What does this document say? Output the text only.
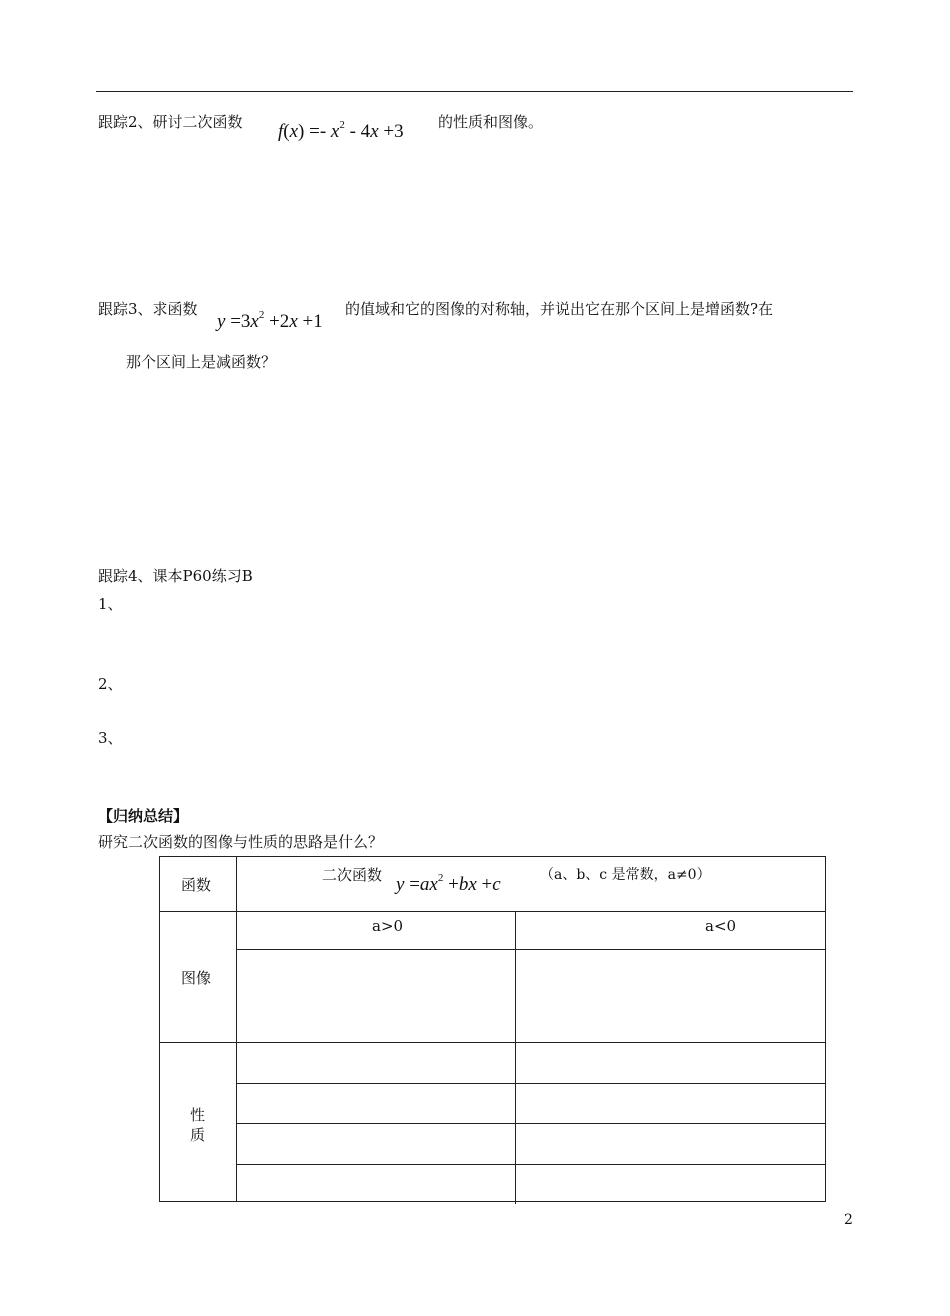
跟踪2、研讨二次函数 $f(x) =- x^2 - 4x +3$ 的性质和图像。
跟踪3、求函数
$y =3x^2 +2x +1$
的值域和它的图像的对称轴，并说出它在那个区间上是增函数?在
那个区间上是减函数？
跟踪4、课本P60练习B
1、
2、
3、
【归纳总结】
研究二次函数的图像与性质的思路是什么？
函数
二次函数 $y =ax^2 +bx +c$	（a、b、c 是常数，a≠0）
a>0	a<0
图像
性
质
2
